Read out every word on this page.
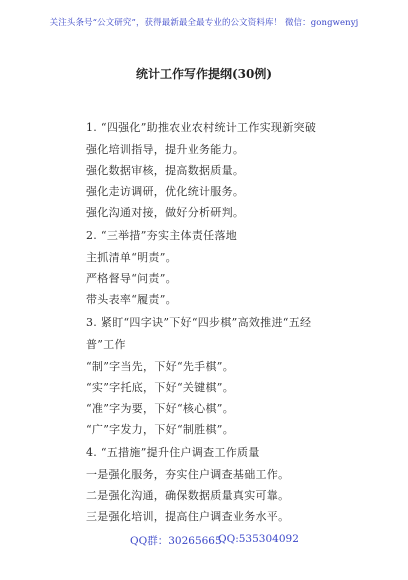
关注头条号“公文研究”，获得最新最全最专业的公文资料库！ 微信：gongwenyj
统计工作写作提纲(30例)
1. “四强化”助推农业农村统计工作实现新突破
强化培训指导，提升业务能力。
强化数据审核，提高数据质量。
强化走访调研，优化统计服务。
强化沟通对接，做好分析研判。
2. “三举措”夯实主体责任落地
主抓清单“明责”。
严格督导“问责”。
带头表率“履责”。
3. 紧盯“四字诀”下好“四步棋”高效推进“五经
普”工作
“制”字当先，下好“先手棋”。
“实”字托底，下好“关键棋”。
“准”字为要，下好“核心棋”。
“广”字发力，下好“制胜棋”。
4. “五措施”提升住户调查工作质量
一是强化服务，夯实住户调查基础工作。
二是强化沟通，确保数据质量真实可靠。
三是强化培训，提高住户调查业务水平。
QQ群：30265665
QQ:535304092
